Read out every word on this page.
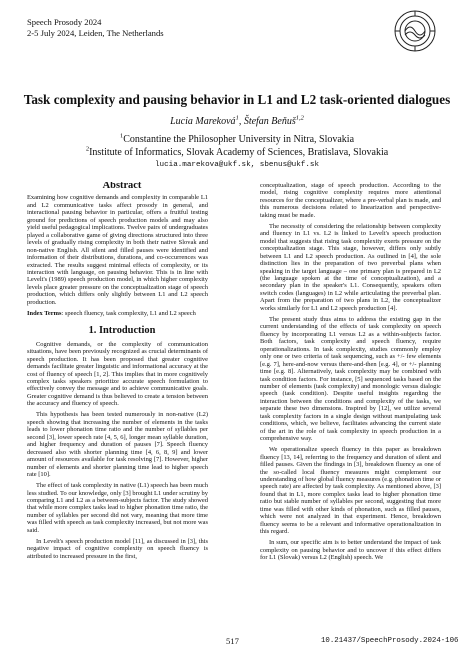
Speech Prosody 2024
2-5 July 2024, Leiden, The Netherlands
Task complexity and pausing behavior in L1 and L2 task-oriented dialogues
Lucia Mareková$^1$, Štefan Beňuš$^{1,2}$
$^1$Constantine the Philosopher University in Nitra, Slovakia
$^2$Institute of Informatics, Slovak Academy of Sciences, Bratislava, Slovakia
lucia.marekova@ukf.sk, sbenus@ukf.sk

Abstract

Examining how cognitive demands and complexity in comparable L1 and L2 communicative tasks affect prosody in general, and interactional pausing behavior in particular, offers a fruitful testing ground for predictions of speech production models and may also yield useful pedagogical implications. Twelve pairs of undergraduates played a collaborative game of giving directions structured into three levels of gradually rising complexity in both their native Slovak and non-native English. All silent and filled pauses were identified and information of their distributions, durations, and co-occurrences was extracted. The results suggest minimal effects of complexity, or its interaction with language, on pausing behavior. This is in line with Levelt's (1989) speech production model, in which higher complexity levels place greater pressure on the conceptualization stage of speech production, which differs only slightly between L1 and L2 speech production.

Index Terms: speech fluency, task complexity, L1 and L2 speech

1. Introduction

Cognitive demands, or the complexity of communication situations, have been previously recognized as crucial determinants of speech production. It has been proposed that greater cognitive demands facilitate greater linguistic and informational accuracy at the cost of fluency of speech [1, 2]. This implies that in more cognitively complex tasks speakers prioritize accurate speech formulation to effectively convey the message and to achieve communicative goals. Greater cognitive demand is thus believed to create a tension between the accuracy and fluency of speech.

This hypothesis has been tested numerously in non-native (L2) speech showing that increasing the number of elements in the tasks leads to lower phonation time ratio and the number of syllables per second [3], lower speech rate [4, 5, 6], longer mean syllable duration, and higher frequency and duration of pauses [7]. Speech fluency decreased also with shorter planning time [4, 6, 8, 9] and lower amount of resources available for task resolving [7]. However, higher number of elements and shorter planning time lead to higher speech rate [10].

The effect of task complexity in native (L1) speech has been much less studied. To our knowledge, only [3] brought L1 under scrutiny by comparing L1 and L2 as a between-subjects factor. The study showed that while more complex tasks lead to higher phonation time ratio, the number of syllables per second did not vary, meaning that more time was filled with speech as task complexity increased, but not more was said.

In Levelt's speech production model [11], as discussed in [3], this negative impact of cognitive complexity on speech fluency is attributed to increased pressure in the first,

conceptualization, stage of speech production. According to the model, rising cognitive complexity requires more attentional resources for the conceptualizer, where a pre-verbal plan is made, and this numerous decisions related to linearization and perspective-taking must be made.

The necessity of considering the relationship between complexity and fluency in L1 vs. L2 is linked to Levelt's speech production model that suggests that rising task complexity exerts pressure on the conceptualization stage. This stage, however, differs only subtly between L1 and L2 speech production. As outlined in [4], the sole distinction lies in the preparation of two preverbal plans when speaking in the target language – one primary plan is prepared in L2 (the language spoken at the time of conceptualization), and a secondary plan in the speaker's L1. Consequently, speakers often switch codes (languages) in L2 while articulating the preverbal plan. Apart from the preparation of two plans in L2, the conceptualizer works similarly for L1 and L2 speech production [4].

The present study thus aims to address the existing gap in the current understanding of the effects of task complexity on speech fluency by incorporating L1 versus L2 as a within-subjects factor. Both factors, task complexity and speech fluency, require operationalizations. In task complexity, studies commonly employ only one or two criteria of task sequencing, such as +/- few elements [e.g. 7], here-and-now versus there-and-then [e.g. 4], or +/- planning time [e.g. 8]. Alternatively, task complexity may be combined with task condition factors. For instance, [5] sequenced tasks based on the number of elements (task complexity) and monologic versus dialogic speech (task condition). Despite useful insights regarding the interaction between the conditions and complexity of the tasks, we separate these two dimensions. Inspired by [12], we utilize several task complexity factors in a single design without manipulating task conditions, which, we believe, facilitates advancing the current state of the art in the role of task complexity in speech production in a comprehensive way.

We operationalize speech fluency in this paper as breakdown fluency [13, 14], referring to the frequency and duration of silent and filled pauses. Given the findings in [3], breakdown fluency as one of the so-called local fluency measures might complement our understanding of how global fluency measures (e.g. phonation time or speech rate) are affected by task complexity. As mentioned above, [3] found that in L1, more complex tasks lead to higher phonation time ratio but stable number of syllables per second, suggesting that more time was filled with other kinds of phonation, such as filled pauses, which were not analyzed in that experiment. Hence, breakdown fluency seems to be a relevant and informative operationalization in this regard.

In sum, our specific aim is to better understand the impact of task complexity on pausing behavior and to uncover if this effect differs for L1 (Slovak) versus L2 (English) speech. We

517	10.21437/SpeechProsody.2024-106
